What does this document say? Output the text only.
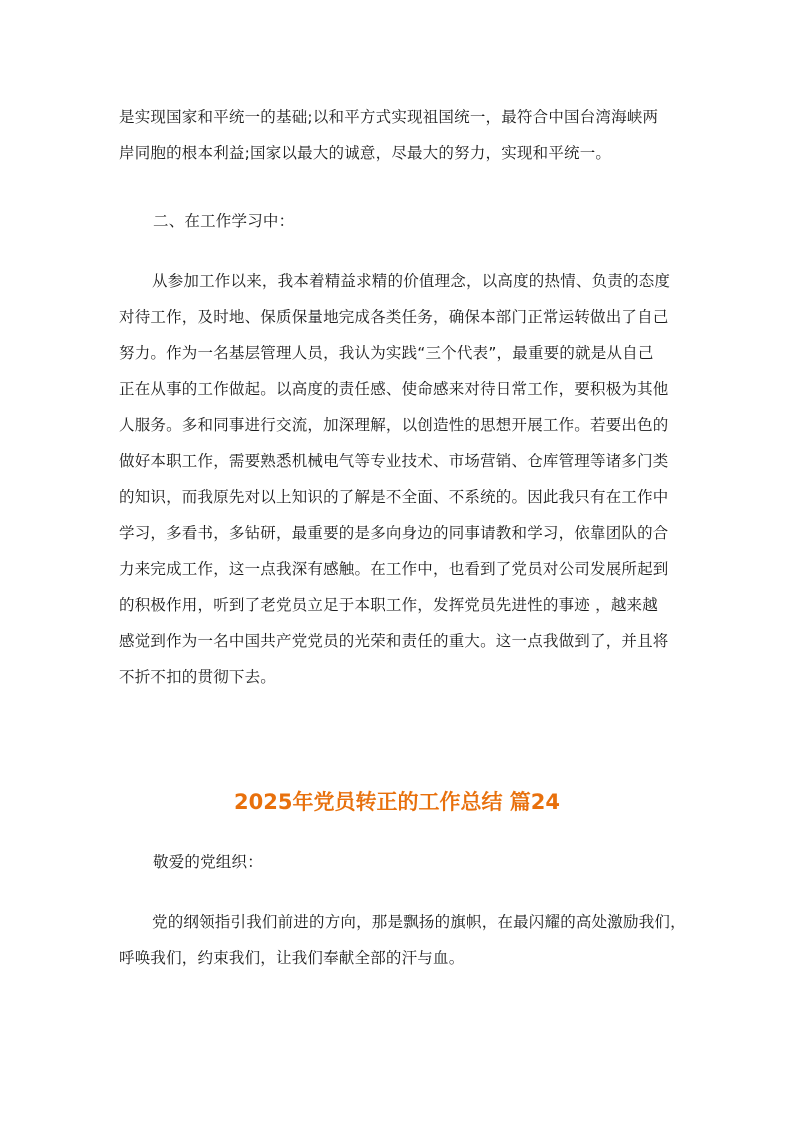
是实现国家和平统一的基础;以和平方式实现祖国统一，最符合中国台湾海峡两
岸同胞的根本利益;国家以最大的诚意，尽最大的努力，实现和平统一。

二、在工作学习中：

从参加工作以来，我本着精益求精的价值理念，以高度的热情、负责的态度
对待工作，及时地、保质保量地完成各类任务，确保本部门正常运转做出了自己
努力。作为一名基层管理人员，我认为实践“三个代表”，最重要的就是从自己
正在从事的工作做起。以高度的责任感、使命感来对待日常工作，要积极为其他
人服务。多和同事进行交流，加深理解，以创造性的思想开展工作。若要出色的
做好本职工作，需要熟悉机械电气等专业技术、市场营销、仓库管理等诸多门类
的知识，而我原先对以上知识的了解是不全面、不系统的。因此我只有在工作中
学习，多看书，多钻研，最重要的是多向身边的同事请教和学习，依靠团队的合
力来完成工作，这一点我深有感触。在工作中，也看到了党员对公司发展所起到
的积极作用，听到了老党员立足于本职工作，发挥党员先进性的事迹 ，越来越
感觉到作为一名中国共产党党员的光荣和责任的重大。这一点我做到了，并且将
不折不扣的贯彻下去。
2025年党员转正的工作总结 篇24

敬爱的党组织：

党的纲领指引我们前进的方向，那是飘扬的旗帜，在最闪耀的高处激励我们，
呼唤我们，约束我们，让我们奉献全部的汗与血。
